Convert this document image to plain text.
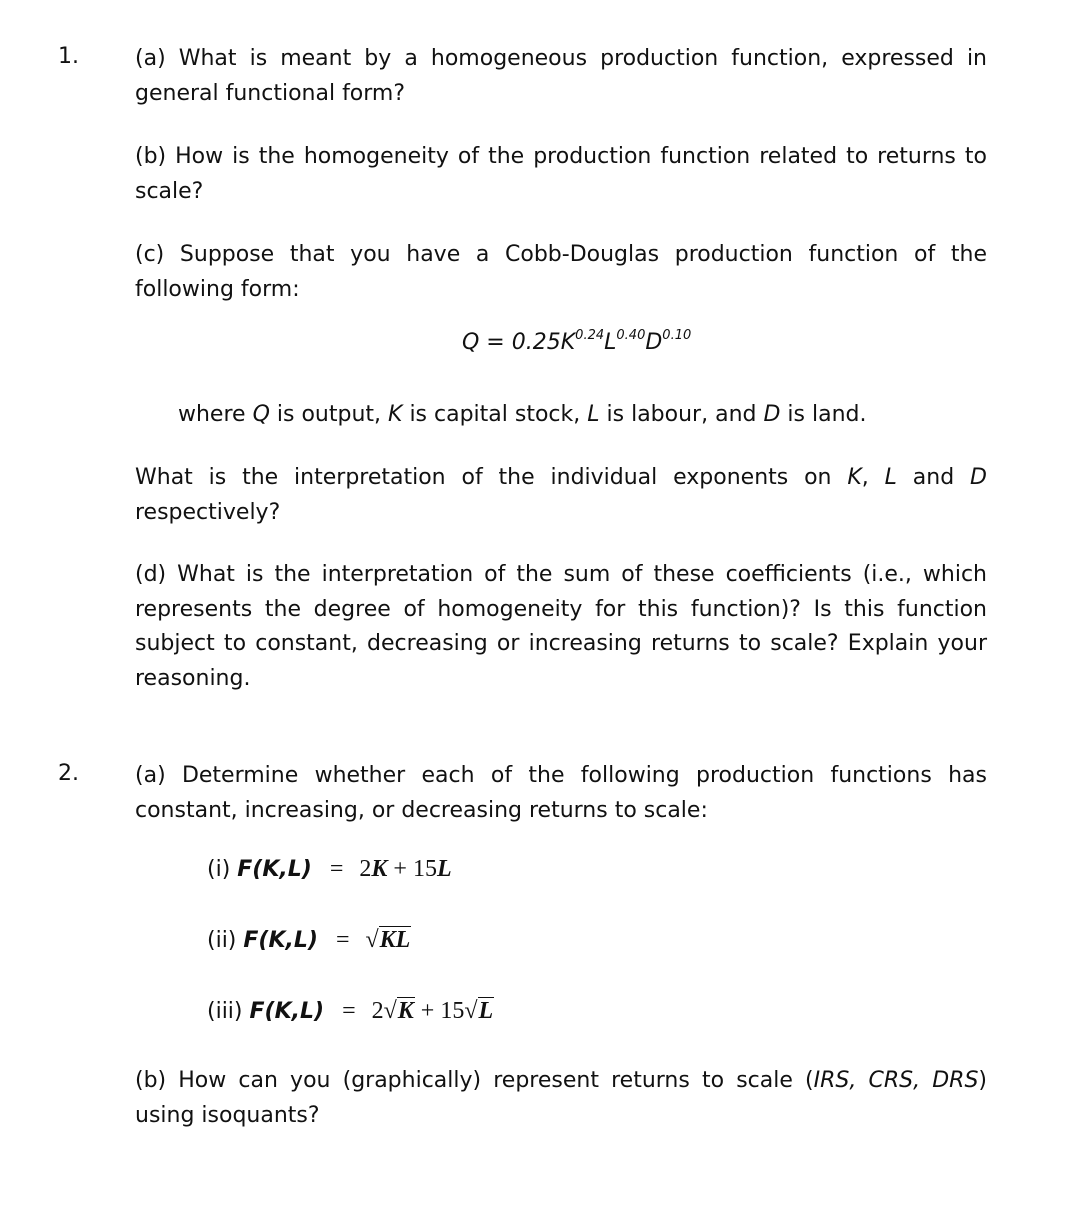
1.	(a) What is meant by a homogeneous production function, expressed in general functional form?

(b) How is the homogeneity of the production function related to returns to scale?

(c) Suppose that you have a Cobb-Douglas production function of the following form:

$Q = 0.25K^{0.24}L^{0.40}D^{0.10}$

where Q is output, K is capital stock, L is labour, and D is land.

What is the interpretation of the individual exponents on K, L and D respectively?

(d) What is the interpretation of the sum of these coefficients (i.e., which represents the degree of homogeneity for this function)? Is this function subject to constant, decreasing or increasing returns to scale? Explain your reasoning.

2.	(a) Determine whether each of the following production functions has constant, increasing, or decreasing returns to scale:

(i) F(K,L) = 2K + 15L
(ii) F(K,L) = √KL
(iii) F(K,L) = 2√K + 15√L

(b) How can you (graphically) represent returns to scale (IRS, CRS, DRS) using isoquants?
